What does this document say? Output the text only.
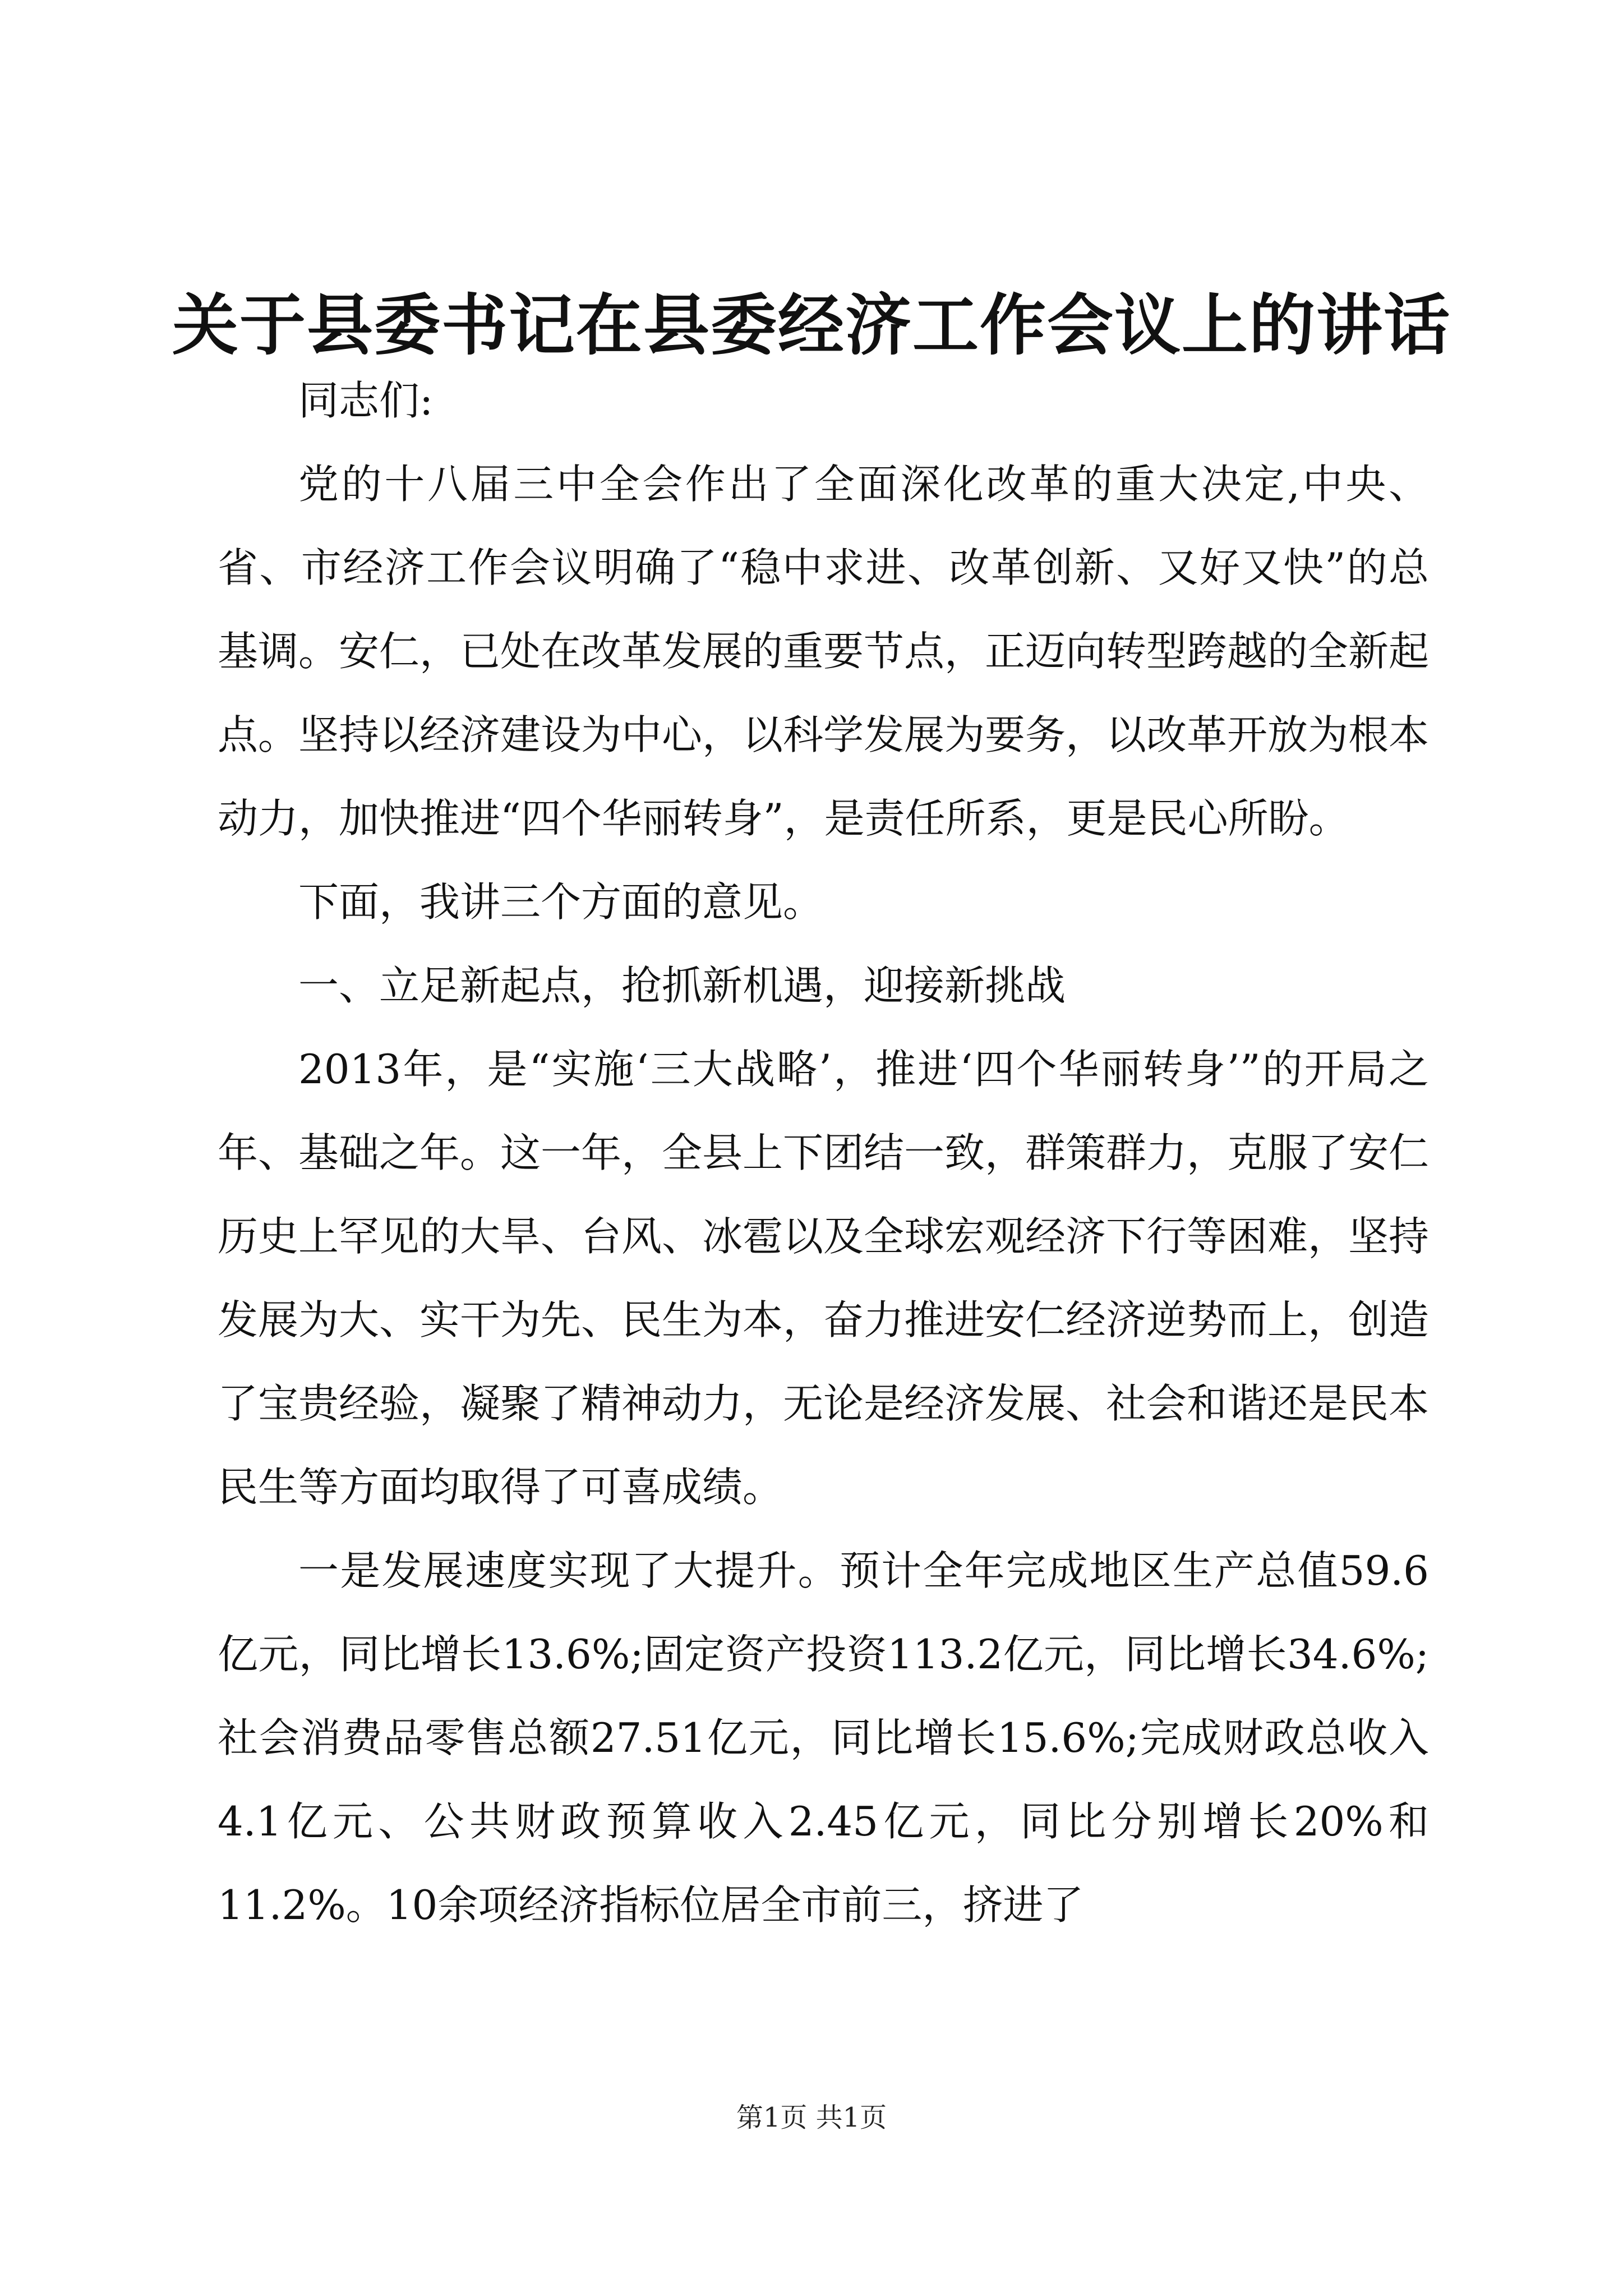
关于县委书记在县委经济工作会议上的讲话

同志们:

党的十八届三中全会作出了全面深化改革的重大决定,中央、省、市经济工作会议明确了“稳中求进、改革创新、又好又快”的总基调。安仁，已处在改革发展的重要节点，正迈向转型跨越的全新起点。坚持以经济建设为中心，以科学发展为要务，以改革开放为根本动力，加快推进“四个华丽转身”，是责任所系，更是民心所盼。

下面，我讲三个方面的意见。

一、立足新起点，抢抓新机遇，迎接新挑战

2013年，是“实施‘三大战略’，推进‘四个华丽转身’”的开局之年、基础之年。这一年，全县上下团结一致，群策群力，克服了安仁历史上罕见的大旱、台风、冰雹以及全球宏观经济下行等困难，坚持发展为大、实干为先、民生为本，奋力推进安仁经济逆势而上，创造了宝贵经验，凝聚了精神动力，无论是经济发展、社会和谐还是民本民生等方面均取得了可喜成绩。

一是发展速度实现了大提升。预计全年完成地区生产总值59.6亿元，同比增长13.6%;固定资产投资113.2亿元，同比增长34.6%;社会消费品零售总额27.51亿元，同比增长15.6%;完成财政总收入4.1亿元、公共财政预算收入2.45亿元，同比分别增长20%和11.2%。10余项经济指标位居全市前三，挤进了

第1页 共1页
